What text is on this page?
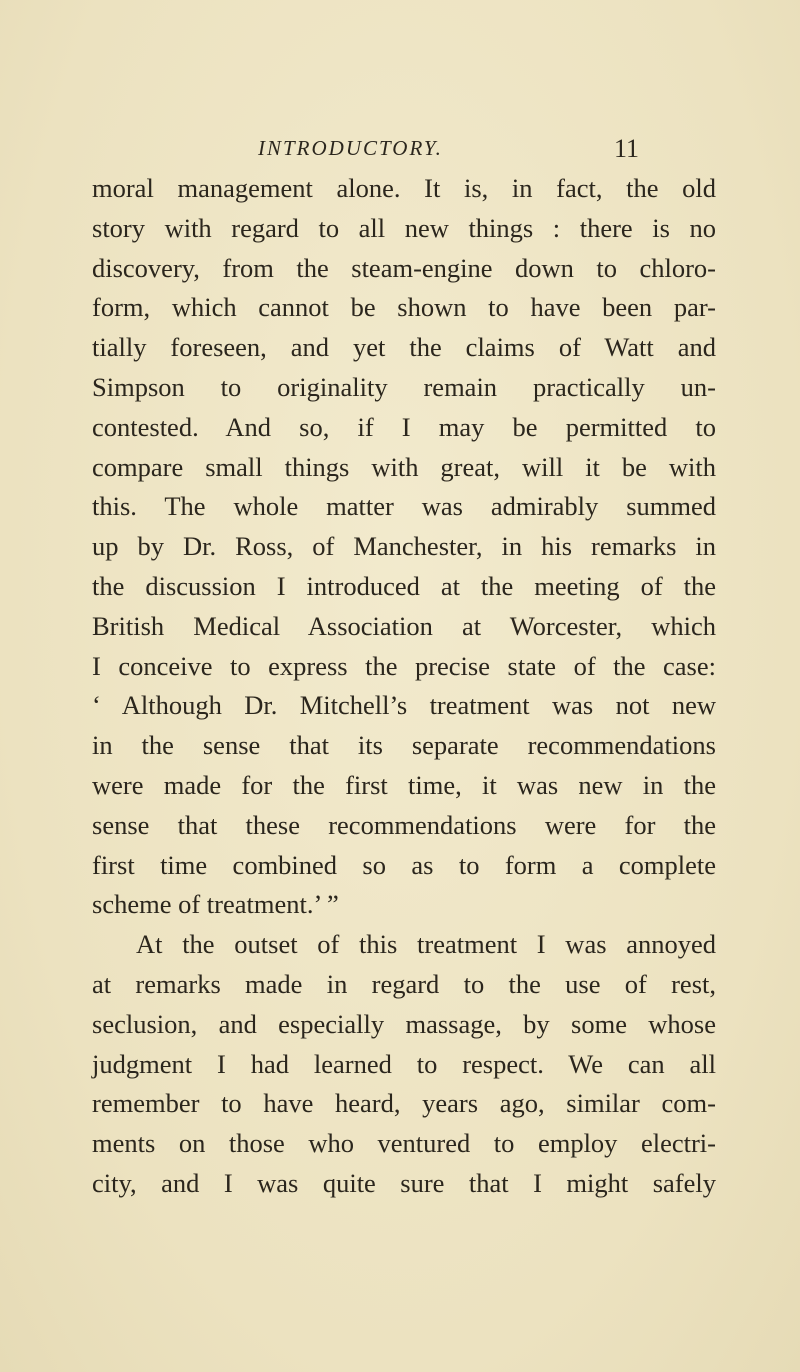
INTRODUCTORY.	11
moral management alone. It is, in fact, the old
story with regard to all new things : there is no
discovery, from the steam-engine down to chloro-
form, which cannot be shown to have been par-
tially foreseen, and yet the claims of Watt and
Simpson to originality remain practically un-
contested. And so, if I may be permitted to
compare small things with great, will it be with
this. The whole matter was admirably summed
up by Dr. Ross, of Manchester, in his remarks in
the discussion I introduced at the meeting of the
British Medical Association at Worcester, which
I conceive to express the precise state of the case:
‘ Although Dr. Mitchell’s treatment was not new
in the sense that its separate recommendations
were made for the first time, it was new in the
sense that these recommendations were for the
first time combined so as to form a complete
scheme of treatment.’ ”
At the outset of this treatment I was annoyed
at remarks made in regard to the use of rest,
seclusion, and especially massage, by some whose
judgment I had learned to respect. We can all
remember to have heard, years ago, similar com-
ments on those who ventured to employ electri-
city, and I was quite sure that I might safely
